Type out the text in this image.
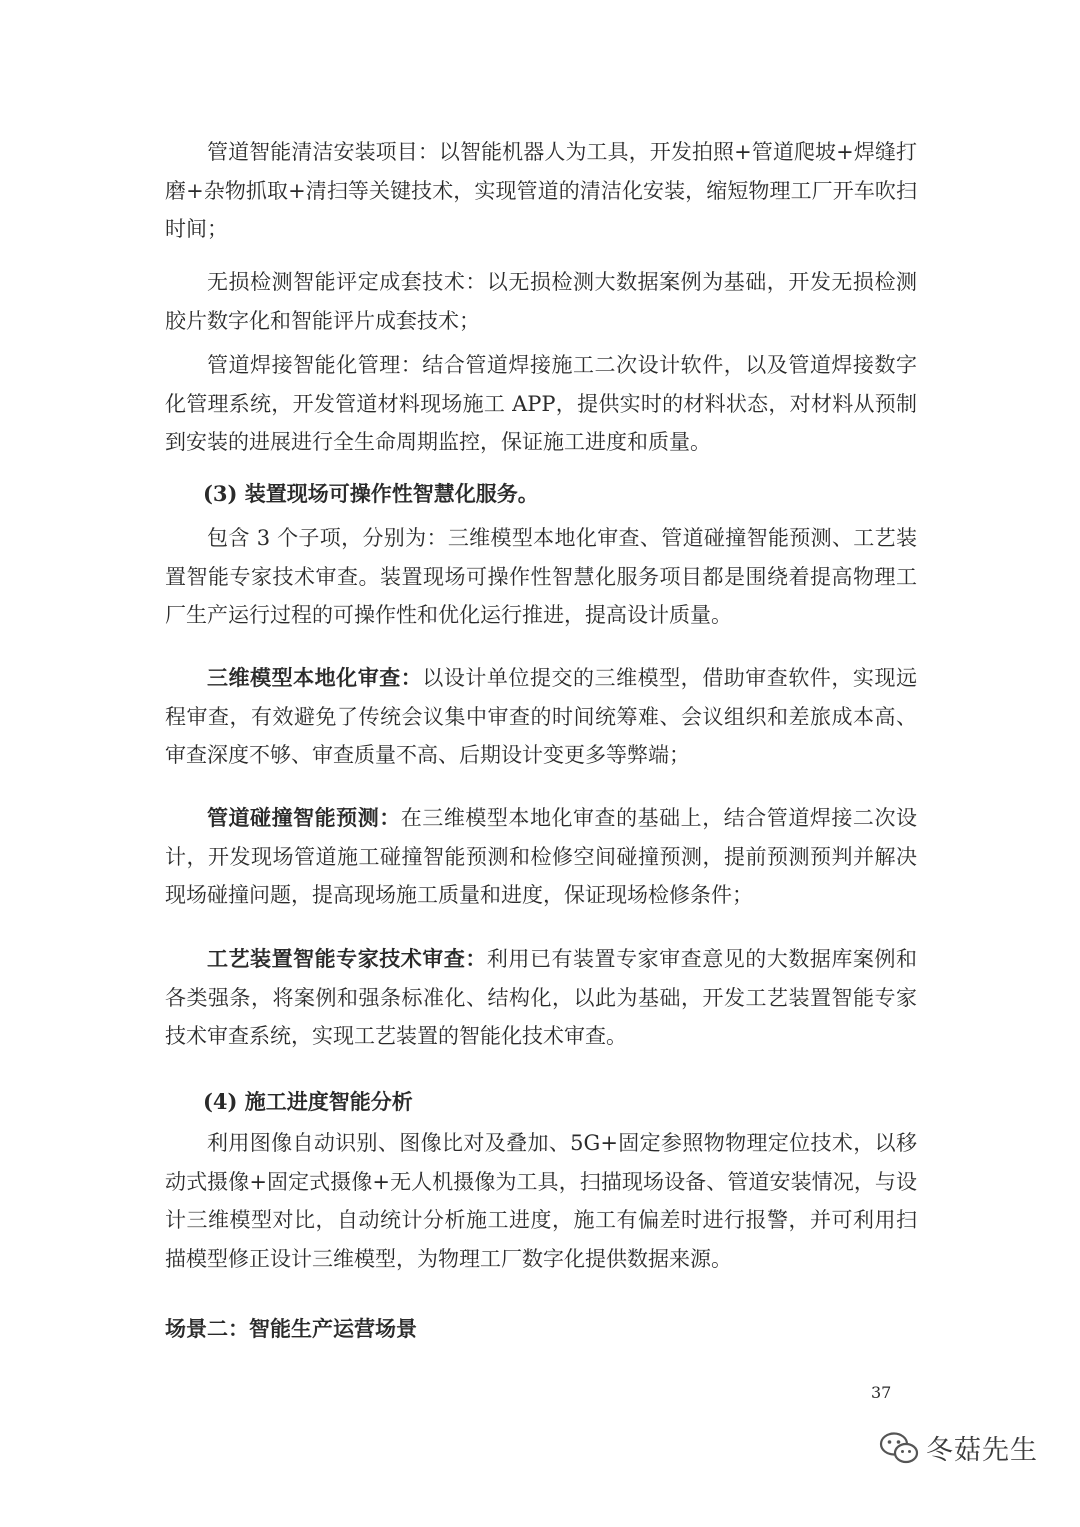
管道智能清洁安装项目：以智能机器人为工具，开发拍照+管道爬坡+焊缝打磨+杂物抓取+清扫等关键技术，实现管道的清洁化安装，缩短物理工厂开车吹扫时间；

无损检测智能评定成套技术：以无损检测大数据案例为基础，开发无损检测胶片数字化和智能评片成套技术；

管道焊接智能化管理：结合管道焊接施工二次设计软件，以及管道焊接数字化管理系统，开发管道材料现场施工 APP，提供实时的材料状态，对材料从预制到安装的进展进行全生命周期监控，保证施工进度和质量。

(3) 装置现场可操作性智慧化服务。

包含 3 个子项，分别为：三维模型本地化审查、管道碰撞智能预测、工艺装置智能专家技术审查。装置现场可操作性智慧化服务项目都是围绕着提高物理工厂生产运行过程的可操作性和优化运行推进，提高设计质量。

三维模型本地化审查：以设计单位提交的三维模型，借助审查软件，实现远程审查，有效避免了传统会议集中审查的时间统筹难、会议组织和差旅成本高、审查深度不够、审查质量不高、后期设计变更多等弊端；

管道碰撞智能预测：在三维模型本地化审查的基础上，结合管道焊接二次设计，开发现场管道施工碰撞智能预测和检修空间碰撞预测，提前预测预判并解决现场碰撞问题，提高现场施工质量和进度，保证现场检修条件；

工艺装置智能专家技术审查：利用已有装置专家审查意见的大数据库案例和各类强条，将案例和强条标准化、结构化，以此为基础，开发工艺装置智能专家技术审查系统，实现工艺装置的智能化技术审查。

(4) 施工进度智能分析

利用图像自动识别、图像比对及叠加、5G+固定参照物物理定位技术，以移动式摄像+固定式摄像+无人机摄像为工具，扫描现场设备、管道安装情况，与设计三维模型对比，自动统计分析施工进度，施工有偏差时进行报警，并可利用扫描模型修正设计三维模型，为物理工厂数字化提供数据来源。

场景二：智能生产运营场景
37
冬菇先生
